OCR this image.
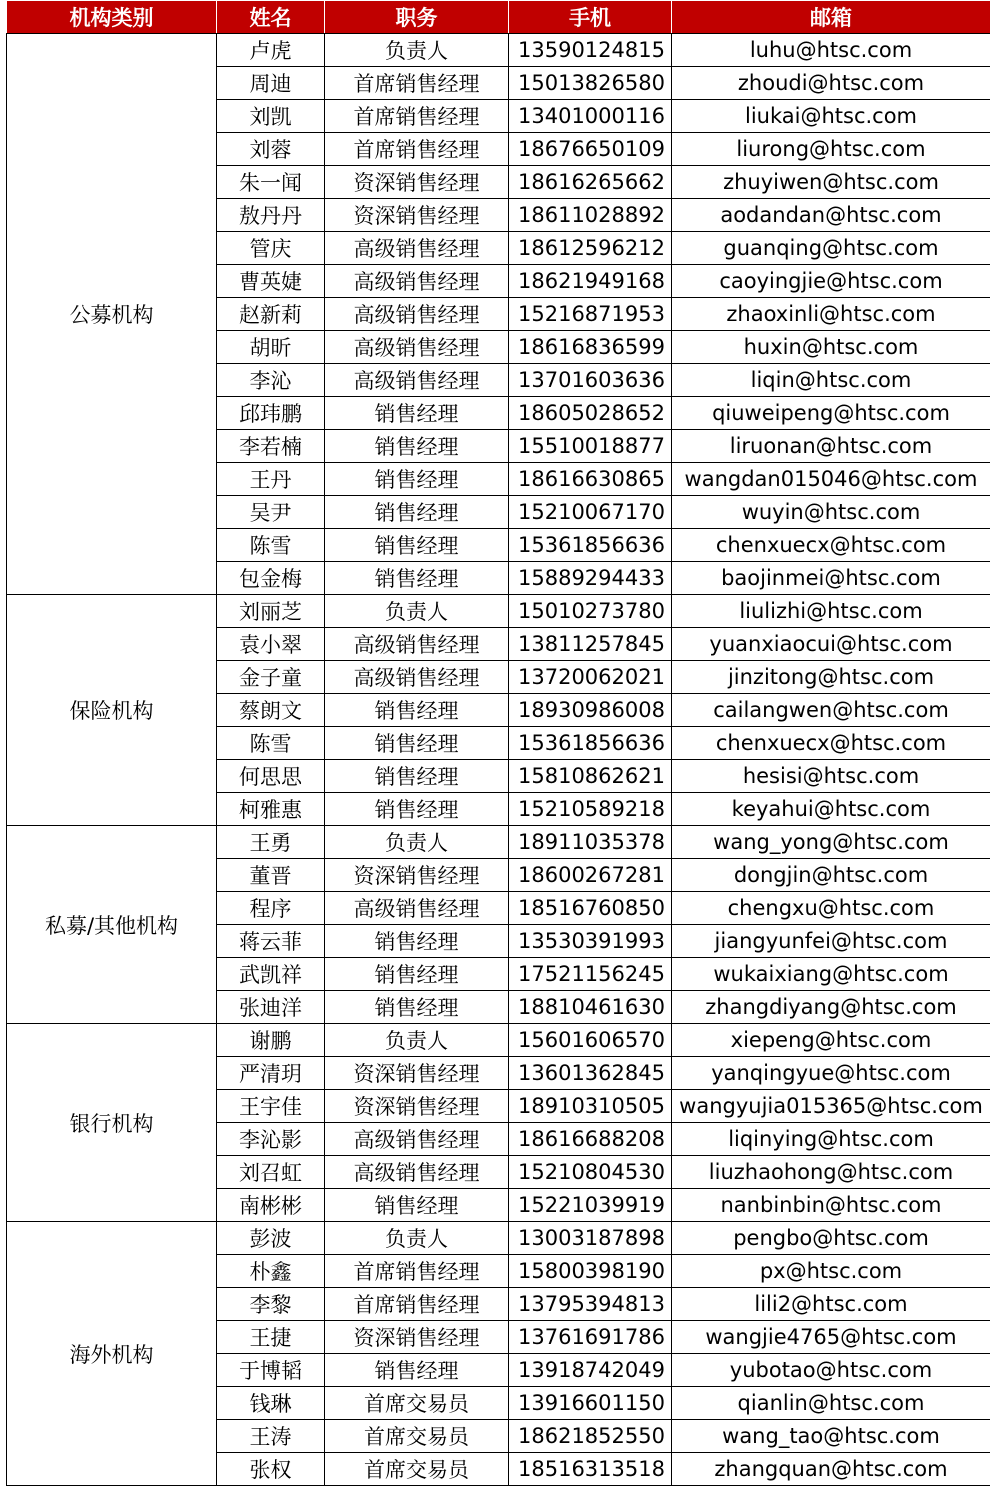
机构类别	姓名	职务	手机	邮箱
公募机构	卢虎	负责人	13590124815	luhu@htsc.com
	周迪	首席销售经理	15013826580	zhoudi@htsc.com
	刘凯	首席销售经理	13401000116	liukai@htsc.com
	刘蓉	首席销售经理	18676650109	liurong@htsc.com
	朱一闻	资深销售经理	18616265662	zhuyiwen@htsc.com
	敖丹丹	资深销售经理	18611028892	aodandan@htsc.com
	管庆	高级销售经理	18612596212	guanqing@htsc.com
	曹英婕	高级销售经理	18621949168	caoyingjie@htsc.com
	赵新莉	高级销售经理	15216871953	zhaoxinli@htsc.com
	胡昕	高级销售经理	18616836599	huxin@htsc.com
	李沁	高级销售经理	13701603636	liqin@htsc.com
	邱玮鹏	销售经理	18605028652	qiuweipeng@htsc.com
	李若楠	销售经理	15510018877	liruonan@htsc.com
	王丹	销售经理	18616630865	wangdan015046@htsc.com
	吴尹	销售经理	15210067170	wuyin@htsc.com
	陈雪	销售经理	15361856636	chenxuecx@htsc.com
	包金梅	销售经理	15889294433	baojinmei@htsc.com
保险机构	刘丽芝	负责人	15010273780	liulizhi@htsc.com
	袁小翠	高级销售经理	13811257845	yuanxiaocui@htsc.com
	金子童	高级销售经理	13720062021	jinzitong@htsc.com
	蔡朗文	销售经理	18930986008	cailangwen@htsc.com
	陈雪	销售经理	15361856636	chenxuecx@htsc.com
	何思思	销售经理	15810862621	hesisi@htsc.com
	柯雅惠	销售经理	15210589218	keyahui@htsc.com
私募/其他机构	王勇	负责人	18911035378	wang_yong@htsc.com
	董晋	资深销售经理	18600267281	dongjin@htsc.com
	程序	高级销售经理	18516760850	chengxu@htsc.com
	蒋云菲	销售经理	13530391993	jiangyunfei@htsc.com
	武凯祥	销售经理	17521156245	wukaixiang@htsc.com
	张迪洋	销售经理	18810461630	zhangdiyang@htsc.com
银行机构	谢鹏	负责人	15601606570	xiepeng@htsc.com
	严清玥	资深销售经理	13601362845	yanqingyue@htsc.com
	王宇佳	资深销售经理	18910310505	wangyujia015365@htsc.com
	李沁影	高级销售经理	18616688208	liqinying@htsc.com
	刘召虹	高级销售经理	15210804530	liuzhaohong@htsc.com
	南彬彬	销售经理	15221039919	nanbinbin@htsc.com
海外机构	彭波	负责人	13003187898	pengbo@htsc.com
	朴鑫	首席销售经理	15800398190	px@htsc.com
	李黎	首席销售经理	13795394813	lili2@htsc.com
	王捷	资深销售经理	13761691786	wangjie4765@htsc.com
	于博韬	销售经理	13918742049	yubotao@htsc.com
	钱琳	首席交易员	13916601150	qianlin@htsc.com
	王涛	首席交易员	18621852550	wang_tao@htsc.com
	张权	首席交易员	18516313518	zhangquan@htsc.com
